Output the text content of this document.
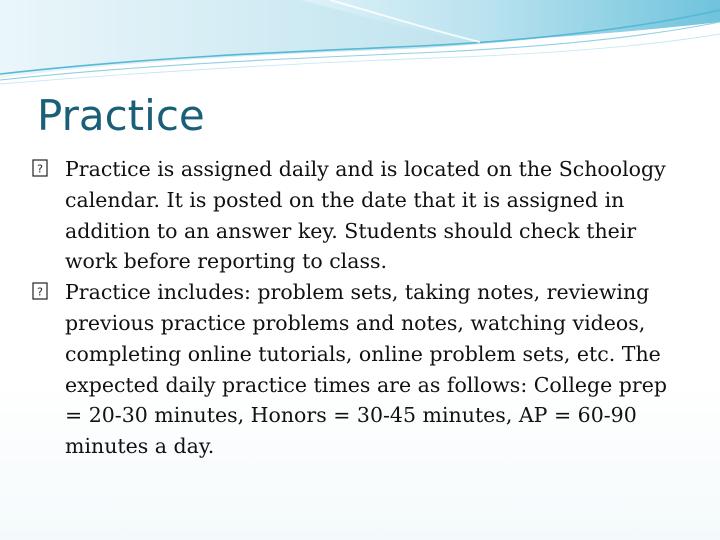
Practice
? Practice is assigned daily and is located on the Schoology calendar. It is posted on the date that it is assigned in addition to an answer key. Students should check their work before reporting to class.
? Practice includes: problem sets, taking notes, reviewing previous practice problems and notes, watching videos, completing online tutorials, online problem sets, etc. The expected daily practice times are as follows: College prep = 20-30 minutes, Honors = 30-45 minutes, AP = 60-90 minutes a day.
